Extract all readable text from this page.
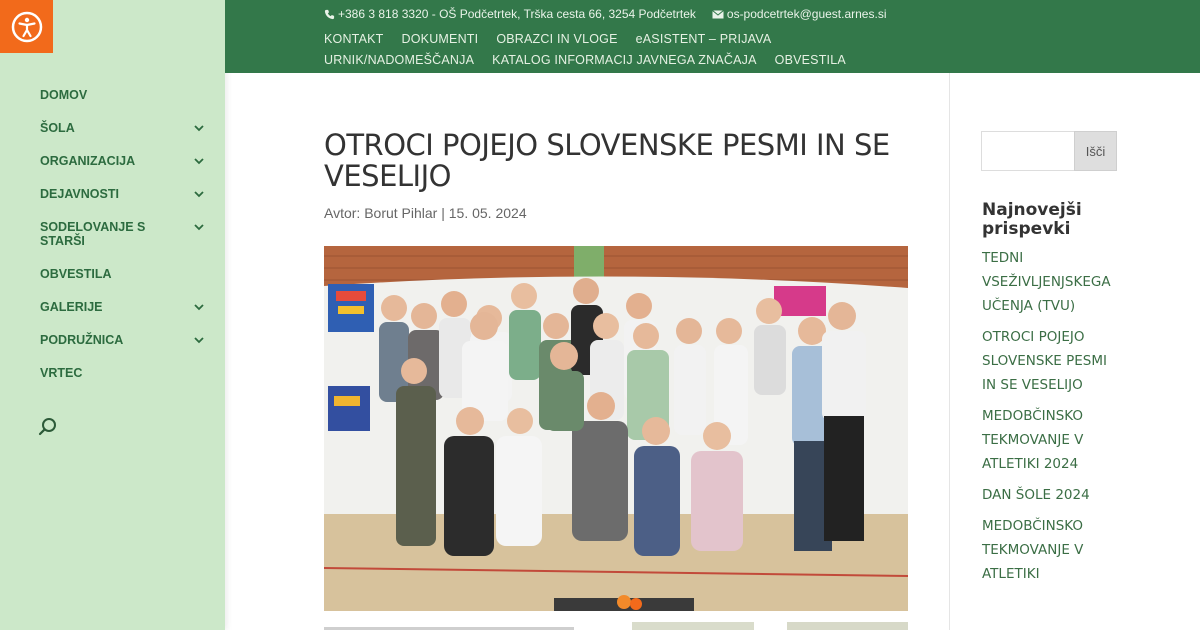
DOMOV
ŠOLA
ORGANIZACIJA
DEJAVNOSTI
SODELOVANJE S STARŠI
OBVESTILA
GALERIJE
PODRUŽNICA
VRTEC
+386 3 818 3320 - OŠ Podčetrtek, Trška cesta 66, 3254 Podčetrtek	os-podcetrtek@guest.arnes.si
KONTAKT DOKUMENTI OBRAZCI IN VLOGE eASISTENT – PRIJAVAURNIK/NADOMEŠČANJA KATALOG INFORMACIJ JAVNEGA ZNAČAJA OBVESTILA
OTROCI POJEJO SLOVENSKE PESMI IN SE VESELIJO
Avtor: Borut Pihlar | 15. 05. 2024
Išči
Najnovejši prispevki
TEDNI VSEŽIVLJENJSKEGA UČENJA (TVU)
OTROCI POJEJO SLOVENSKE PESMI IN SE VESELIJO
MEDOBČINSKO TEKMOVANJE V ATLETIKI 2024
DAN ŠOLE 2024
MEDOBČINSKO TEKMOVANJE V ATLETIKI
